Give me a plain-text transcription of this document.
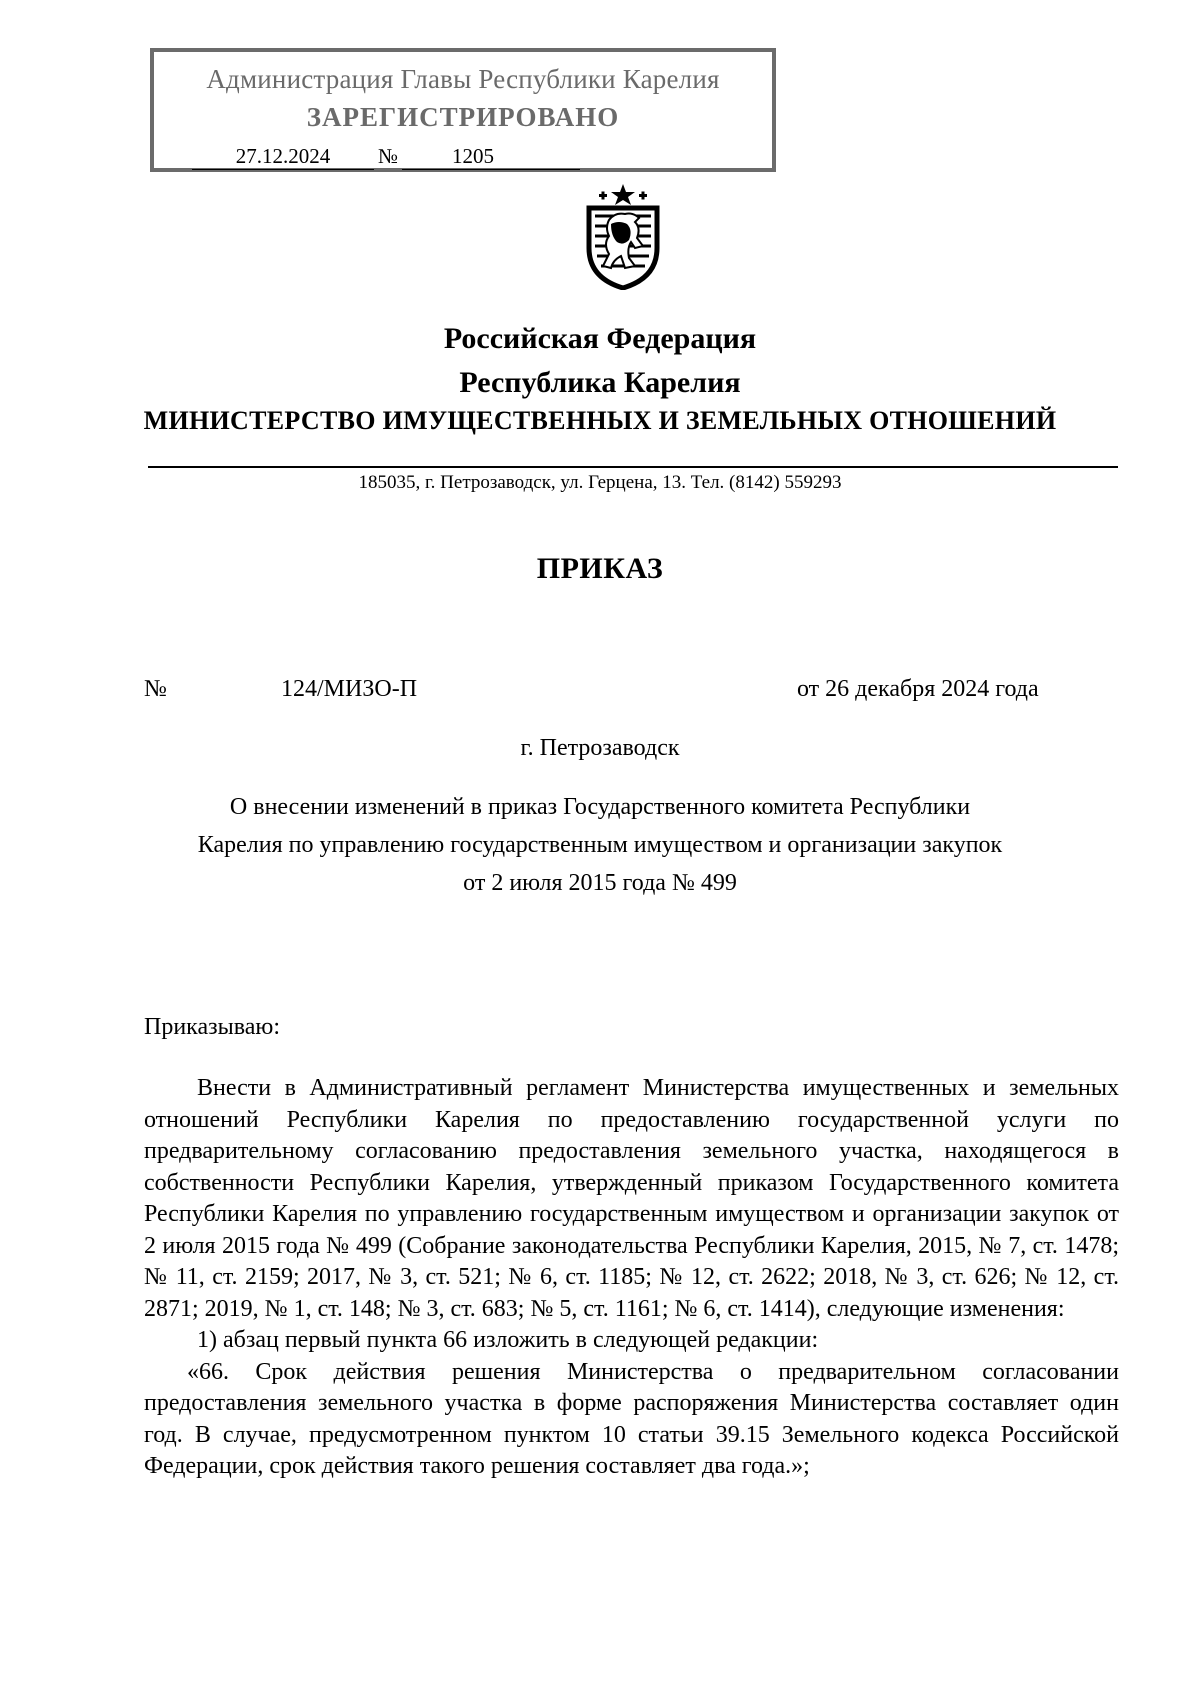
Администрация Главы Республики Карелия
ЗАРЕГИСТРИРОВАНО
27.12.2024 №	1205
Российская Федерация
Республика Карелия
МИНИСТЕРСТВО ИМУЩЕСТВЕННЫХ И ЗЕМЕЛЬНЫХ ОТНОШЕНИЙ
185035, г. Петрозаводск, ул. Герцена, 13. Тел. (8142) 559293
ПРИКАЗ
№	124/МИЗО-П	от 26 декабря 2024 года
г. Петрозаводск
О внесении изменений в приказ Государственного комитета Республики
Карелия по управлению государственным имуществом и организации закупок
от 2 июля 2015 года № 499
Приказываю:

Внести в Административный регламент Министерства имущественных и земельных отношений Республики Карелия по предоставлению государственной услуги по предварительному согласованию предоставления земельного участка, находящегося в собственности Республики Карелия, утвержденный приказом Государственного комитета Республики Карелия по управлению государственным имуществом и организации закупок от 2 июля 2015 года № 499 (Собрание законодательства Республики Карелия, 2015, № 7, ст. 1478; № 11, ст. 2159; 2017, № 3, ст. 521; № 6, ст. 1185; № 12, ст. 2622; 2018, № 3, ст. 626; № 12, ст. 2871; 2019, № 1, ст. 148; № 3, ст. 683; № 5, ст. 1161; № 6, ст. 1414), следующие изменения:

1) абзац первый пункта 66 изложить в следующей редакции:

«66. Срок действия решения Министерства о предварительном согласовании предоставления земельного участка в форме распоряжения Министерства составляет один год. В случае, предусмотренном пунктом 10 статьи 39.15 Земельного кодекса Российской Федерации, срок действия такого решения составляет два года.»;
